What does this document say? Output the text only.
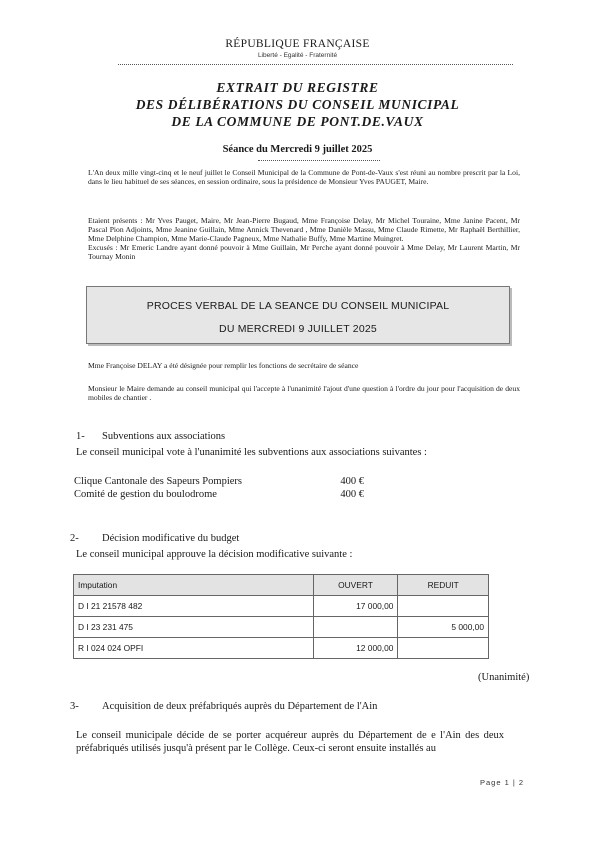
RÉPUBLIQUE FRANÇAISE
Liberté - Egalité - Fraternité
EXTRAIT DU REGISTRE
DES DÉLIBÉRATIONS DU CONSEIL MUNICIPAL
DE LA COMMUNE DE PONT.DE.VAUX
Séance du Mercredi 9 juillet 2025
L'An deux mille vingt-cinq et le neuf juillet le Conseil Municipal de la Commune de Pont-de-Vaux s'est réuni au nombre prescrit par la Loi, dans le lieu habituel de ses séances, en session ordinaire, sous la présidence de Monsieur Yves PAUGET, Maire.
Etaient présents : Mr Yves Pauget, Maire, Mr Jean-Pierre Bugaud, Mme Françoise Delay, Mr Michel Touraine, Mme Janine Pacent, Mr Pascal Pion Adjoints, Mme Jeanine Guillain, Mme Annick Thevenard , Mme Danièle Massu, Mme Claude Rimette, Mr Raphaël Berthillier, Mme Delphine Champion, Mme Marie-Claude Pagneux, Mme Nathalie Buffy, Mme Martine Muingret.
Excusés : Mr Emeric Landre ayant donné pouvoir à Mme Guillain, Mr Perche ayant donné pouvoir à Mme Delay, Mr Laurent Martin, Mr Tournay Monin
PROCES VERBAL DE LA SEANCE DU CONSEIL MUNICIPAL
DU MERCREDI 9 JUILLET 2025
Mme Françoise DELAY a été désignée pour remplir les fonctions de secrétaire de séance
Monsieur le Maire demande au conseil municipal qui l'accepte à l'unanimité l'ajout d'une question à l'ordre du jour pour l'acquisition de deux mobiles de chantier .
1- Subventions aux associations
Le conseil municipal vote à l'unanimité les subventions aux associations suivantes :
Clique Cantonale des Sapeurs Pompiers	400 €
Comité de gestion du boulodrome	400 €
2- Décision modificative du budget
Le conseil municipal approuve la décision modificative suivante :
Imputation	OUVERT	REDUIT
D I 21 21578 482	17 000,00	
D I 23 231 475		5 000,00
R I 024 024 OPFI	12 000,00	
(Unanimité)
3- Acquisition de deux préfabriqués auprès du Département de l'Ain
Le conseil municipale décide de se porter acquéreur auprès du Département de e l'Ain des deux préfabriqués utilisés jusqu'à présent par le Collège. Ceux-ci seront ensuite installés au
Page 1 | 2
